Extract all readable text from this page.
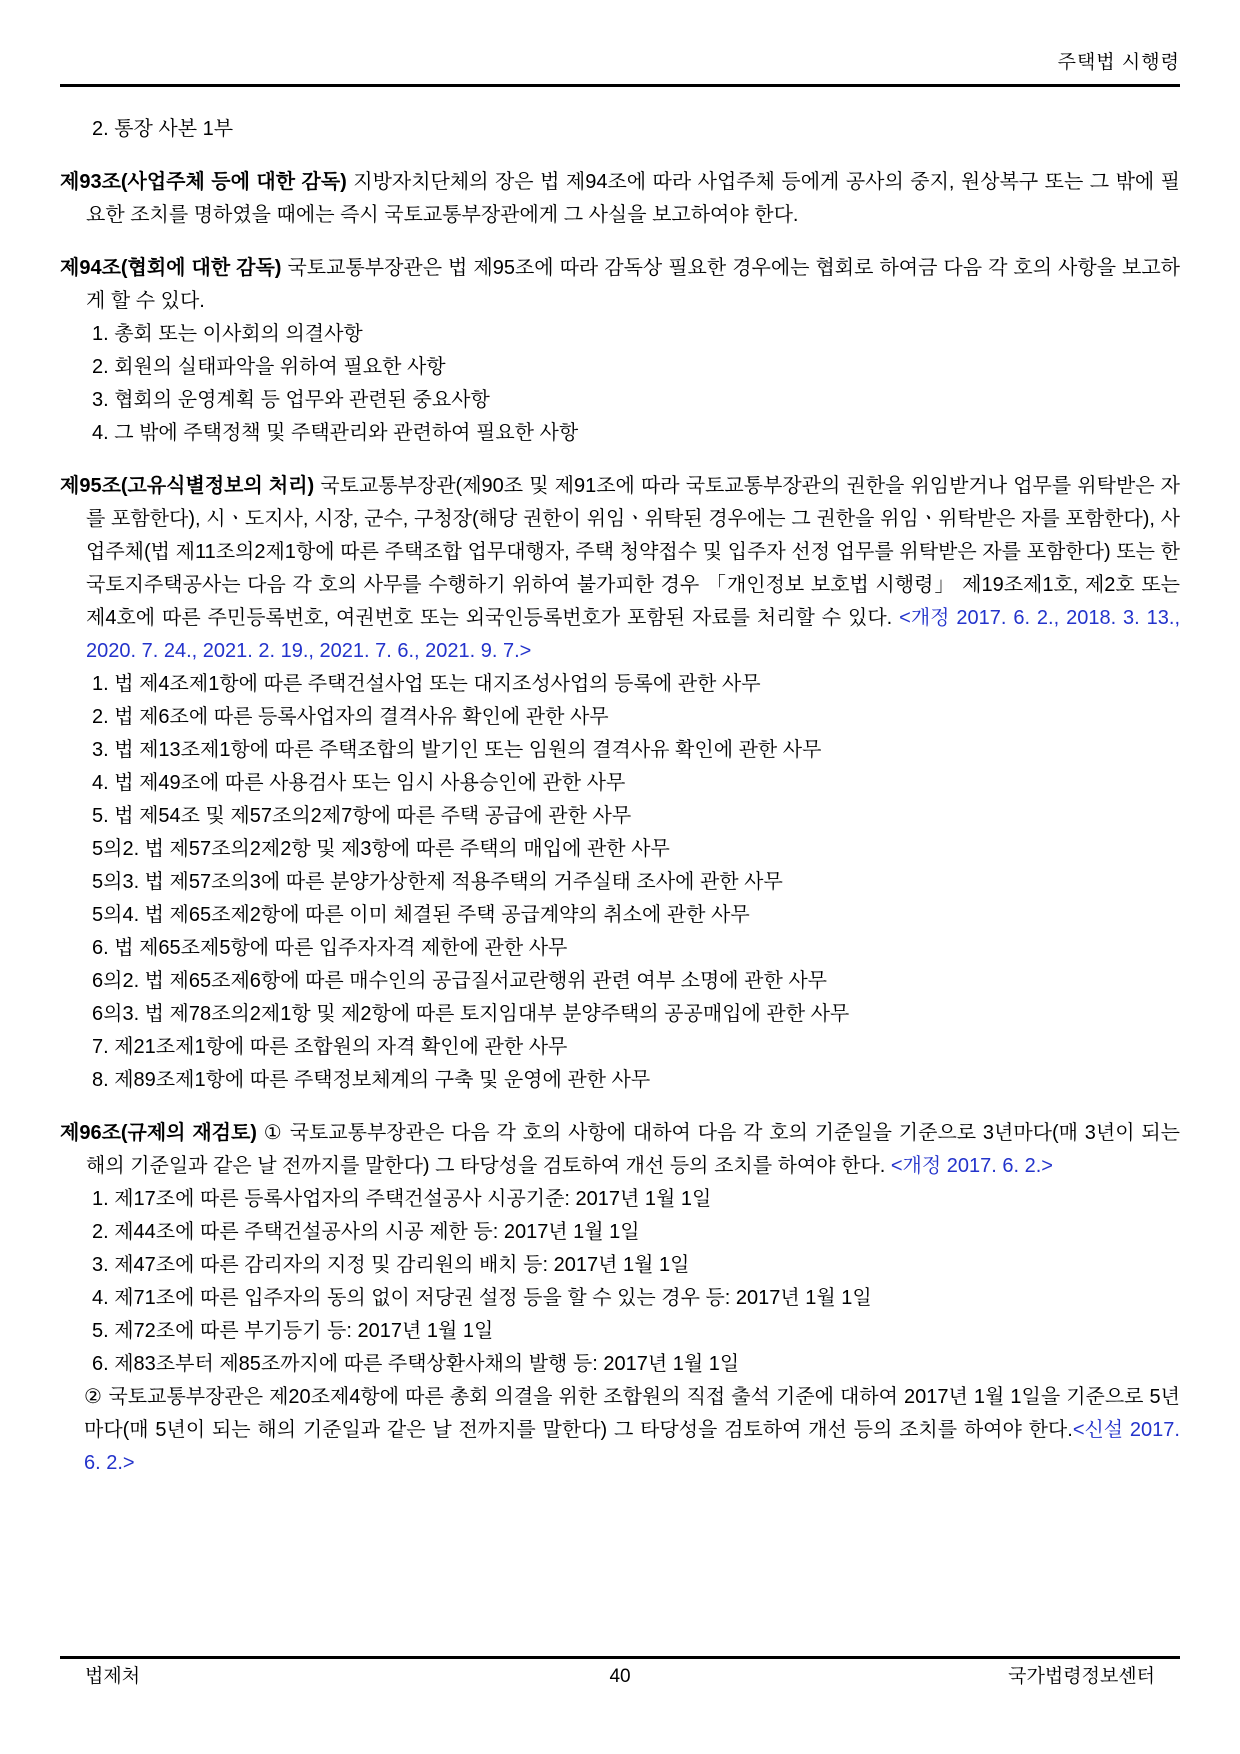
주택법 시행령

2. 통장 사본 1부

제93조(사업주체 등에 대한 감독) 지방자치단체의 장은 법 제94조에 따라 사업주체 등에게 공사의 중지, 원상복구 또는 그 밖에 필요한 조치를 명하였을 때에는 즉시 국토교통부장관에게 그 사실을 보고하여야 한다.

제94조(협회에 대한 감독) 국토교통부장관은 법 제95조에 따라 감독상 필요한 경우에는 협회로 하여금 다음 각 호의 사항을 보고하게 할 수 있다.

1. 총회 또는 이사회의 의결사항

2. 회원의 실태파악을 위하여 필요한 사항

3. 협회의 운영계획 등 업무와 관련된 중요사항

4. 그 밖에 주택정책 및 주택관리와 관련하여 필요한 사항

제95조(고유식별정보의 처리) 국토교통부장관(제90조 및 제91조에 따라 국토교통부장관의 권한을 위임받거나 업무를 위탁받은 자를 포함한다), 시ㆍ도지사, 시장, 군수, 구청장(해당 권한이 위임ㆍ위탁된 경우에는 그 권한을 위임ㆍ위탁받은 자를 포함한다), 사업주체(법 제11조의2제1항에 따른 주택조합 업무대행자, 주택 청약접수 및 입주자 선정 업무를 위탁받은 자를 포함한다) 또는 한국토지주택공사는 다음 각 호의 사무를 수행하기 위하여 불가피한 경우 「개인정보 보호법 시행령」 제19조제1호, 제2호 또는 제4호에 따른 주민등록번호, 여권번호 또는 외국인등록번호가 포함된 자료를 처리할 수 있다. <개정 2017. 6. 2., 2018. 3. 13., 2020. 7. 24., 2021. 2. 19., 2021. 7. 6., 2021. 9. 7.>

1. 법 제4조제1항에 따른 주택건설사업 또는 대지조성사업의 등록에 관한 사무

2. 법 제6조에 따른 등록사업자의 결격사유 확인에 관한 사무

3. 법 제13조제1항에 따른 주택조합의 발기인 또는 임원의 결격사유 확인에 관한 사무

4. 법 제49조에 따른 사용검사 또는 임시 사용승인에 관한 사무

5. 법 제54조 및 제57조의2제7항에 따른 주택 공급에 관한 사무

5의2. 법 제57조의2제2항 및 제3항에 따른 주택의 매입에 관한 사무

5의3. 법 제57조의3에 따른 분양가상한제 적용주택의 거주실태 조사에 관한 사무

5의4. 법 제65조제2항에 따른 이미 체결된 주택 공급계약의 취소에 관한 사무

6. 법 제65조제5항에 따른 입주자자격 제한에 관한 사무

6의2. 법 제65조제6항에 따른 매수인의 공급질서교란행위 관련 여부 소명에 관한 사무

6의3. 법 제78조의2제1항 및 제2항에 따른 토지임대부 분양주택의 공공매입에 관한 사무

7. 제21조제1항에 따른 조합원의 자격 확인에 관한 사무

8. 제89조제1항에 따른 주택정보체계의 구축 및 운영에 관한 사무

제96조(규제의 재검토) ① 국토교통부장관은 다음 각 호의 사항에 대하여 다음 각 호의 기준일을 기준으로 3년마다(매 3년이 되는 해의 기준일과 같은 날 전까지를 말한다) 그 타당성을 검토하여 개선 등의 조치를 하여야 한다. <개정 2017. 6. 2.>

1. 제17조에 따른 등록사업자의 주택건설공사 시공기준: 2017년 1월 1일

2. 제44조에 따른 주택건설공사의 시공 제한 등: 2017년 1월 1일

3. 제47조에 따른 감리자의 지정 및 감리원의 배치 등: 2017년 1월 1일

4. 제71조에 따른 입주자의 동의 없이 저당권 설정 등을 할 수 있는 경우 등: 2017년 1월 1일

5. 제72조에 따른 부기등기 등: 2017년 1월 1일

6. 제83조부터 제85조까지에 따른 주택상환사채의 발행 등: 2017년 1월 1일

② 국토교통부장관은 제20조제4항에 따른 총회 의결을 위한 조합원의 직접 출석 기준에 대하여 2017년 1월 1일을 기준으로 5년마다(매 5년이 되는 해의 기준일과 같은 날 전까지를 말한다) 그 타당성을 검토하여 개선 등의 조치를 하여야 한다.<신설 2017. 6. 2.>

법제처	40	국가법령정보센터
